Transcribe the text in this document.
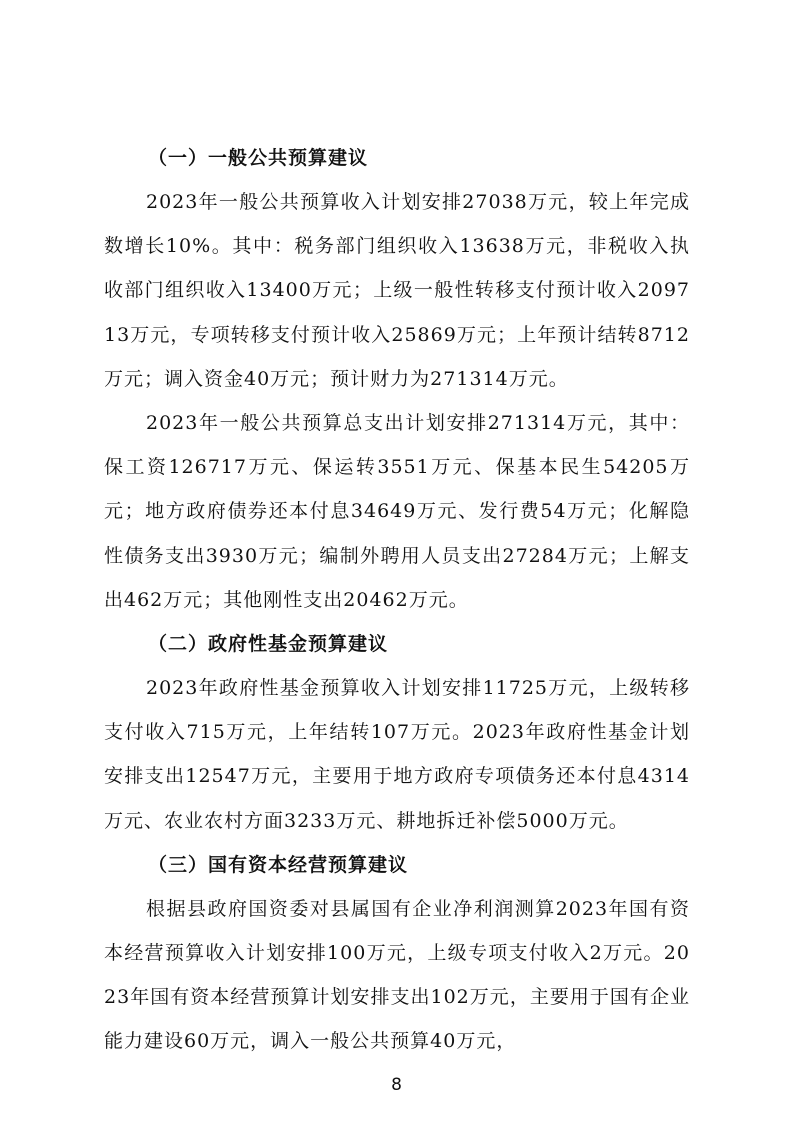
（一）一般公共预算建议

2023年一般公共预算收入计划安排27038万元，较上年完成数增长10%。其中：税务部门组织收入13638万元，非税收入执收部门组织收入13400万元；上级一般性转移支付预计收入209713万元，专项转移支付预计收入25869万元；上年预计结转8712万元；调入资金40万元；预计财力为271314万元。

2023年一般公共预算总支出计划安排271314万元，其中：保工资126717万元、保运转3551万元、保基本民生54205万元；地方政府债券还本付息34649万元、发行费54万元；化解隐性债务支出3930万元；编制外聘用人员支出27284万元；上解支出462万元；其他刚性支出20462万元。

（二）政府性基金预算建议

2023年政府性基金预算收入计划安排11725万元，上级转移支付收入715万元，上年结转107万元。2023年政府性基金计划安排支出12547万元，主要用于地方政府专项债务还本付息4314万元、农业农村方面3233万元、耕地拆迁补偿5000万元。

（三）国有资本经营预算建议

根据县政府国资委对县属国有企业净利润测算2023年国有资本经营预算收入计划安排100万元，上级专项支付收入2万元。2023年国有资本经营预算计划安排支出102万元，主要用于国有企业能力建设60万元，调入一般公共预算40万元，

8
